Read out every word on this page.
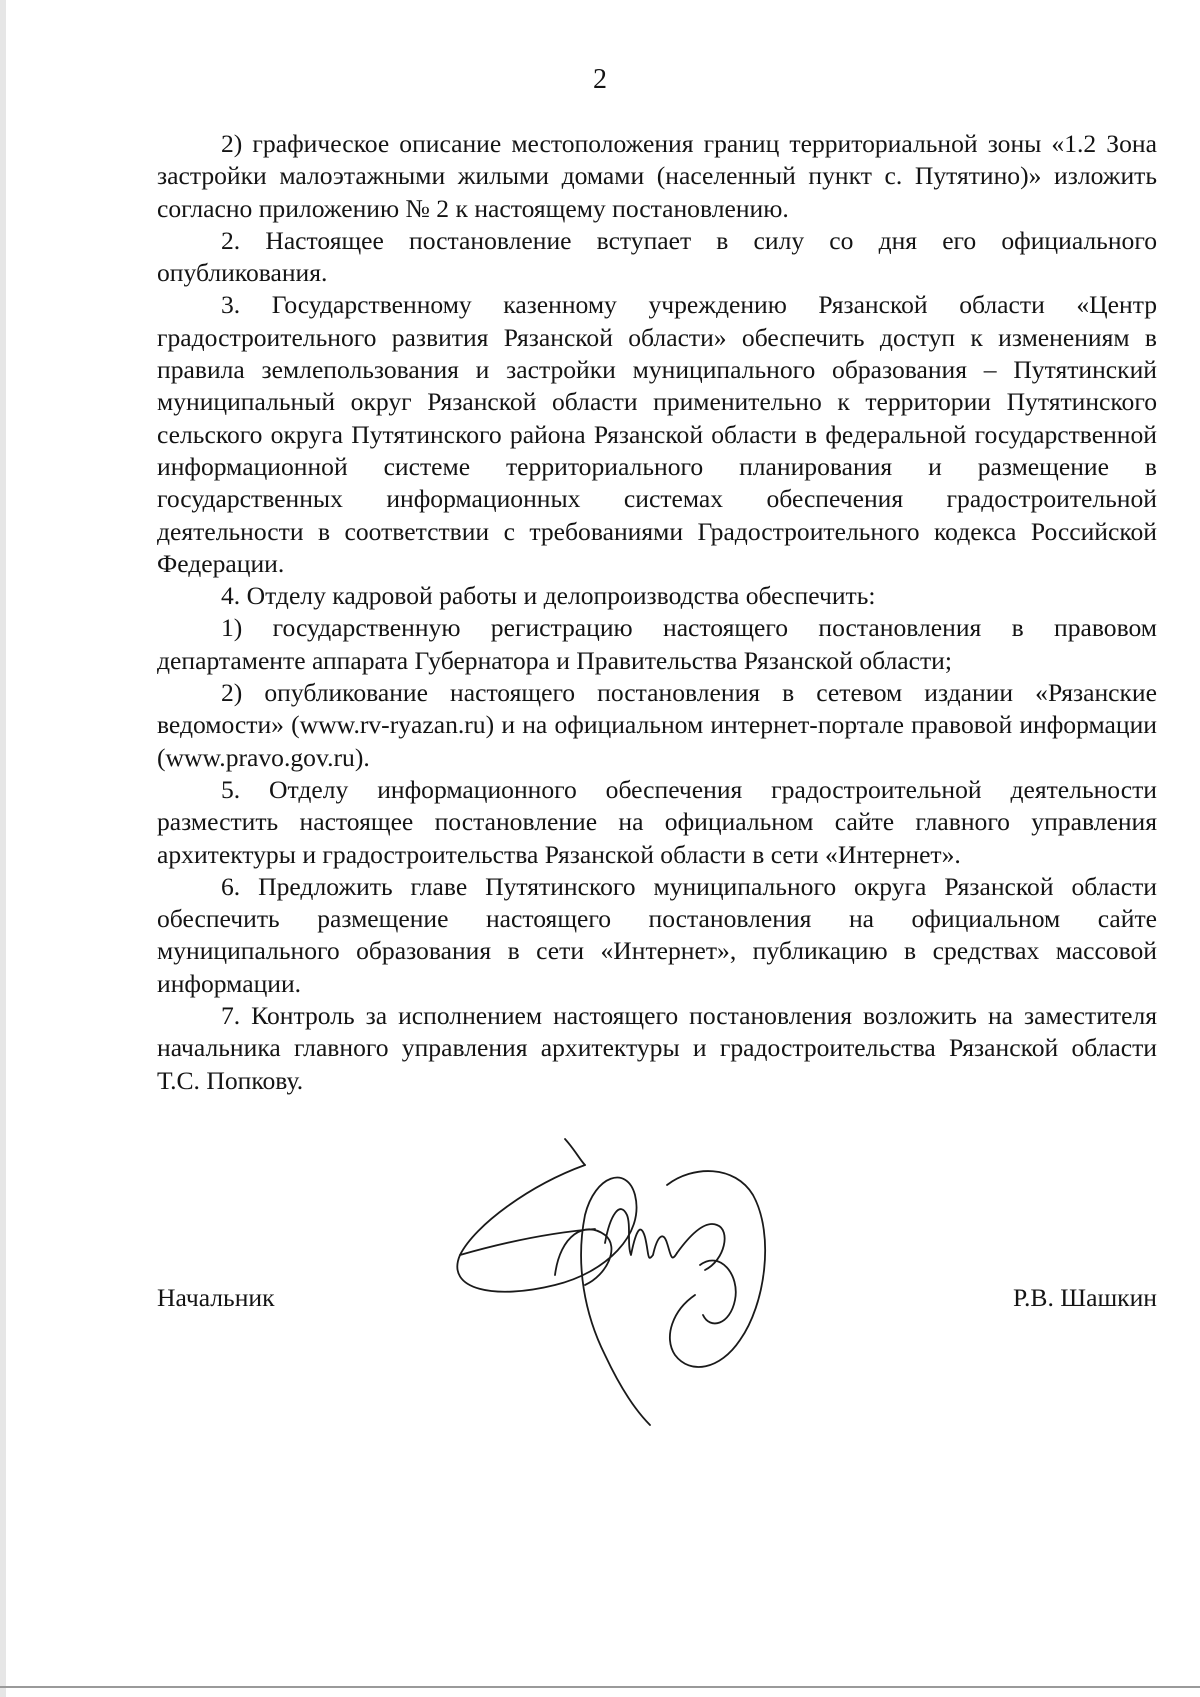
2

2) графическое описание местоположения границ территориальной зоны «1.2 Зона застройки малоэтажными жилыми домами (населенный пункт с. Путятино)» изложить согласно приложению № 2 к настоящему постановлению.

2. Настоящее постановление вступает в силу со дня его официального опубликования.

3. Государственному казенному учреждению Рязанской области «Центр градостроительного развития Рязанской области» обеспечить доступ к изменениям в правила землепользования и застройки муниципального образования – Путятинский муниципальный округ Рязанской области применительно к территории Путятинского сельского округа Путятинского района Рязанской области в федеральной государственной информационной системе территориального планирования и размещение в государственных информационных системах обеспечения градостроительной деятельности в соответствии с требованиями Градостроительного кодекса Российской Федерации.

4. Отделу кадровой работы и делопроизводства обеспечить:

1) государственную регистрацию настоящего постановления в правовом департаменте аппарата Губернатора и Правительства Рязанской области;

2) опубликование настоящего постановления в сетевом издании «Рязанские ведомости» (www.rv-ryazan.ru) и на официальном интернет-портале правовой информации (www.pravo.gov.ru).

5. Отделу информационного обеспечения градостроительной деятельности разместить настоящее постановление на официальном сайте главного управления архитектуры и градостроительства Рязанской области в сети «Интернет».

6. Предложить главе Путятинского муниципального округа Рязанской области обеспечить размещение настоящего постановления на официальном сайте муниципального образования в сети «Интернет», публикацию в средствах массовой информации.

7. Контроль за исполнением настоящего постановления возложить на заместителя начальника главного управления архитектуры и градостроительства Рязанской области Т.С. Попкову.

Начальник	Р.В. Шашкин
